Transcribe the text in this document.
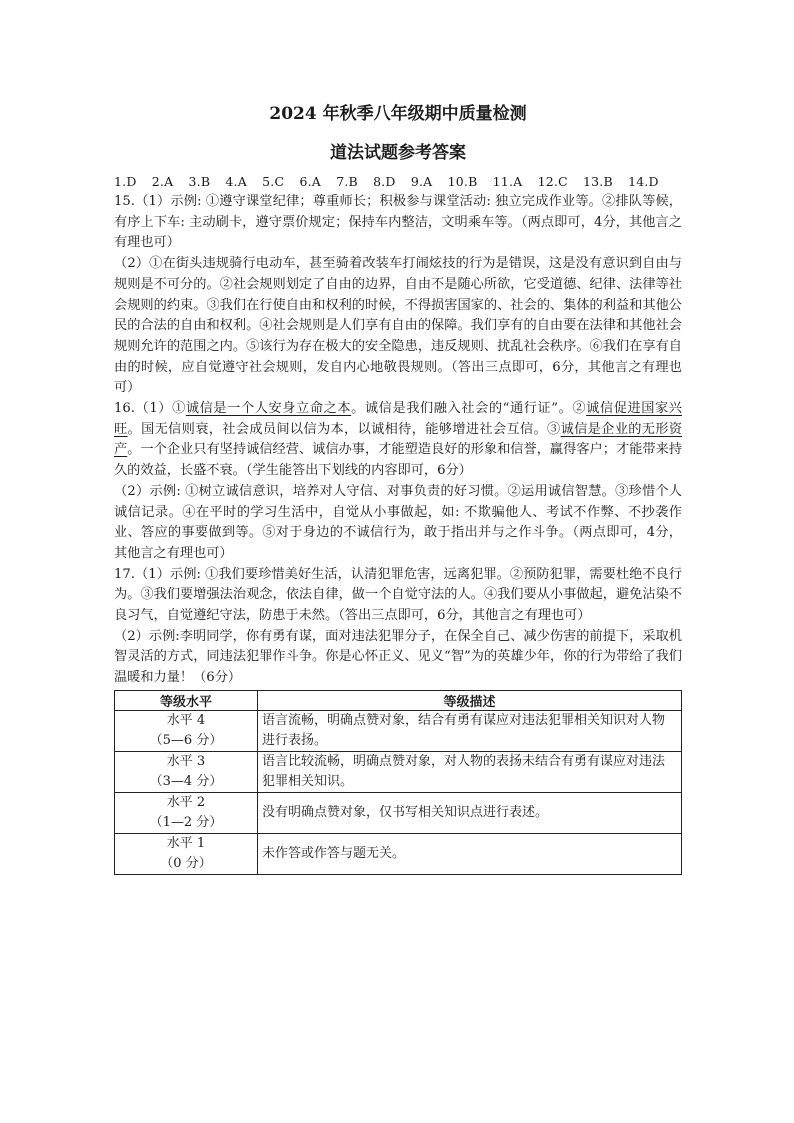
2024 年秋季八年级期中质量检测
道法试题参考答案
1.D 2.A 3.B 4.A 5.C 6.A 7.B 8.D 9.A 10.B 11.A 12.C 13.B 14.D

15.（1）示例: ①遵守课堂纪律；尊重师长；积极参与课堂活动: 独立完成作业等。②排队等候，有序上下车: 主动刷卡，遵守票价规定；保持车内整洁，文明乘车等。（两点即可，4分，其他言之有理也可）

（2）①在街头违规骑行电动车，甚至骑着改装车打闹炫技的行为是错误，这是没有意识到自由与规则是不可分的。②社会规则划定了自由的边界，自由不是随心所欲，它受道德、纪律、法律等社会规则的约束。③我们在行使自由和权利的时候，不得损害国家的、社会的、集体的利益和其他公民的合法的自由和权利。④社会规则是人们享有自由的保障。我们享有的自由要在法律和其他社会规则允许的范围之内。⑤该行为存在极大的安全隐患，违反规则、扰乱社会秩序。⑥我们在享有自由的时候，应自觉遵守社会规则，发自内心地敬畏规则。（答出三点即可，6分，其他言之有理也可）

16.（1）①诚信是一个人安身立命之本。诚信是我们融入社会的“通行证”。②诚信促进国家兴旺。国无信则衰，社会成员间以信为本，以诚相待，能够增进社会互信。③诚信是企业的无形资产。一个企业只有坚持诚信经营、诚信办事，才能塑造良好的形象和信誉，赢得客户；才能带来持久的效益，长盛不衰。（学生能答出下划线的内容即可，6分）

（2）示例: ①树立诚信意识，培养对人守信、对事负责的好习惯。②运用诚信智慧。③珍惜个人诚信记录。④在平时的学习生活中，自觉从小事做起，如: 不欺骗他人、考试不作弊、不抄袭作业、答应的事要做到等。⑤对于身边的不诚信行为，敢于指出并与之作斗争。（两点即可，4分，其他言之有理也可）

17.（1）示例: ①我们要珍惜美好生活，认清犯罪危害，远离犯罪。②预防犯罪，需要杜绝不良行为。③我们要增强法治观念，依法自律，做一个自觉守法的人。④我们要从小事做起，避免沾染不良习气，自觉遵纪守法，防患于未然。（答出三点即可，6分，其他言之有理也可）

（2）示例:李明同学，你有勇有谋，面对违法犯罪分子，在保全自己、减少伤害的前提下，采取机智灵活的方式，同违法犯罪作斗争。你是心怀正义、见义“智”为的英雄少年，你的行为带给了我们温暖和力量！（6分）

等级水平	等级描述

水平 4
（5—6 分）	语言流畅，明确点赞对象，结合有勇有谋应对违法犯罪相关知识对人物进行表扬。

水平 3
（3—4 分）	语言比较流畅，明确点赞对象，对人物的表扬未结合有勇有谋应对违法犯罪相关知识。

水平 2
（1—2 分）	没有明确点赞对象，仅书写相关知识点进行表述。

水平 1
（0 分）	未作答或作答与题无关。
